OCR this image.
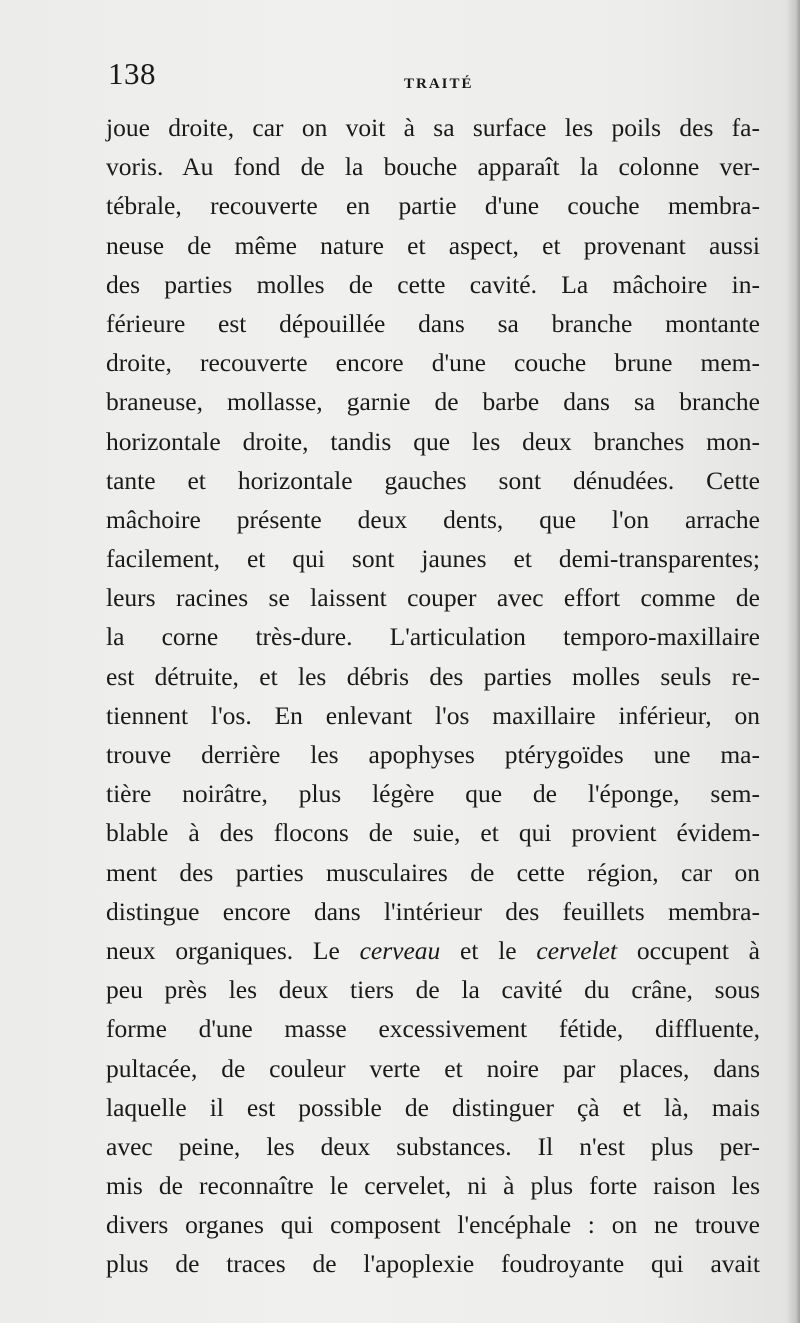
138	TRAITÉ
joue droite, car on voit à sa surface les poils des fa-
voris. Au fond de la bouche apparaît la colonne ver-
tébrale, recouverte en partie d'une couche membra-
neuse de même nature et aspect, et provenant aussi
des parties molles de cette cavité. La mâchoire in-
férieure est dépouillée dans sa branche montante
droite, recouverte encore d'une couche brune mem-
braneuse, mollasse, garnie de barbe dans sa branche
horizontale droite, tandis que les deux branches mon-
tante et horizontale gauches sont dénudées. Cette
mâchoire présente deux dents, que l'on arrache
facilement, et qui sont jaunes et demi-transparentes;
leurs racines se laissent couper avec effort comme de
la corne très-dure. L'articulation temporo-maxillaire
est détruite, et les débris des parties molles seuls re-
tiennent l'os. En enlevant l'os maxillaire inférieur, on
trouve derrière les apophyses ptérygoïdes une ma-
tière noirâtre, plus légère que de l'éponge, sem-
blable à des flocons de suie, et qui provient évidem-
ment des parties musculaires de cette région, car on
distingue encore dans l'intérieur des feuillets membra-
neux organiques. Le cerveau et le cervelet occupent à
peu près les deux tiers de la cavité du crâne, sous
forme d'une masse excessivement fétide, diffluente,
pultacée, de couleur verte et noire par places, dans
laquelle il est possible de distinguer çà et là, mais
avec peine, les deux substances. Il n'est plus per-
mis de reconnaître le cervelet, ni à plus forte raison les
divers organes qui composent l'encéphale : on ne trouve
plus de traces de l'apoplexie foudroyante qui avait
